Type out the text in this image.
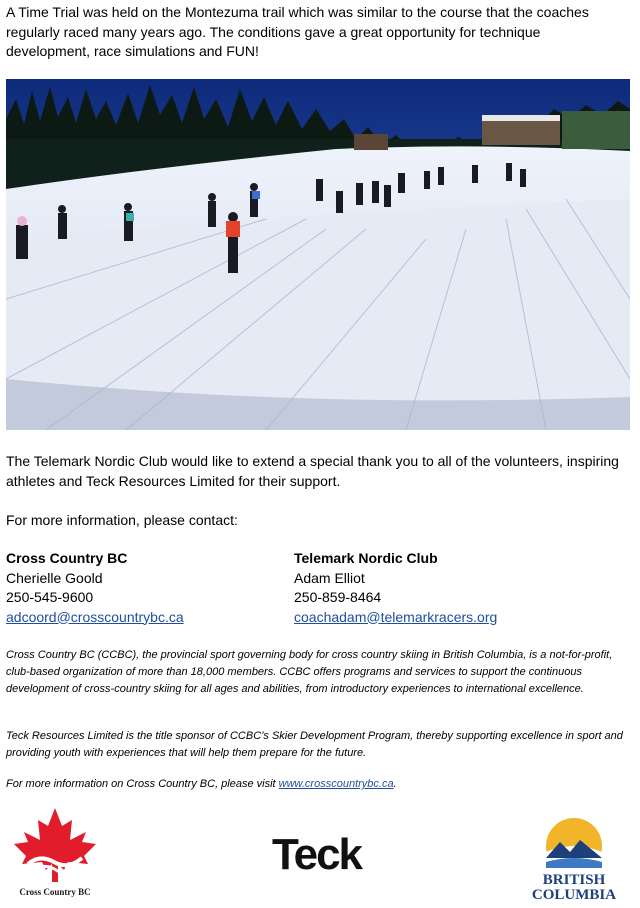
A Time Trial was held on the Montezuma trail which was similar to the course that the coaches regularly raced many years ago. The conditions gave a great opportunity for technique development, race simulations and FUN!

The Telemark Nordic Club would like to extend a special thank you to all of the volunteers, inspiring athletes and Teck Resources Limited for their support.

For more information, please contact:

Cross Country BC
Cherielle Goold
250-545-9600
adcoord@crosscountrybc.ca
Telemark Nordic Club
Adam Elliot
250-859-8464
coachadam@telemarkracers.org

Cross Country BC (CCBC), the provincial sport governing body for cross country skiing in British Columbia, is a not-for-profit, club-based organization of more than 18,000 members. CCBC offers programs and services to support the continuous development of cross-country skiing for all ages and abilities, from introductory experiences to international excellence.

Teck Resources Limited is the title sponsor of CCBC’s Skier Development Program, thereby supporting excellence in sport and providing youth with experiences that will help them prepare for the future.

For more information on Cross Country BC, please visit www.crosscountrybc.ca.

Cross Country BC
Teck
BRITISH
COLUMBIA
